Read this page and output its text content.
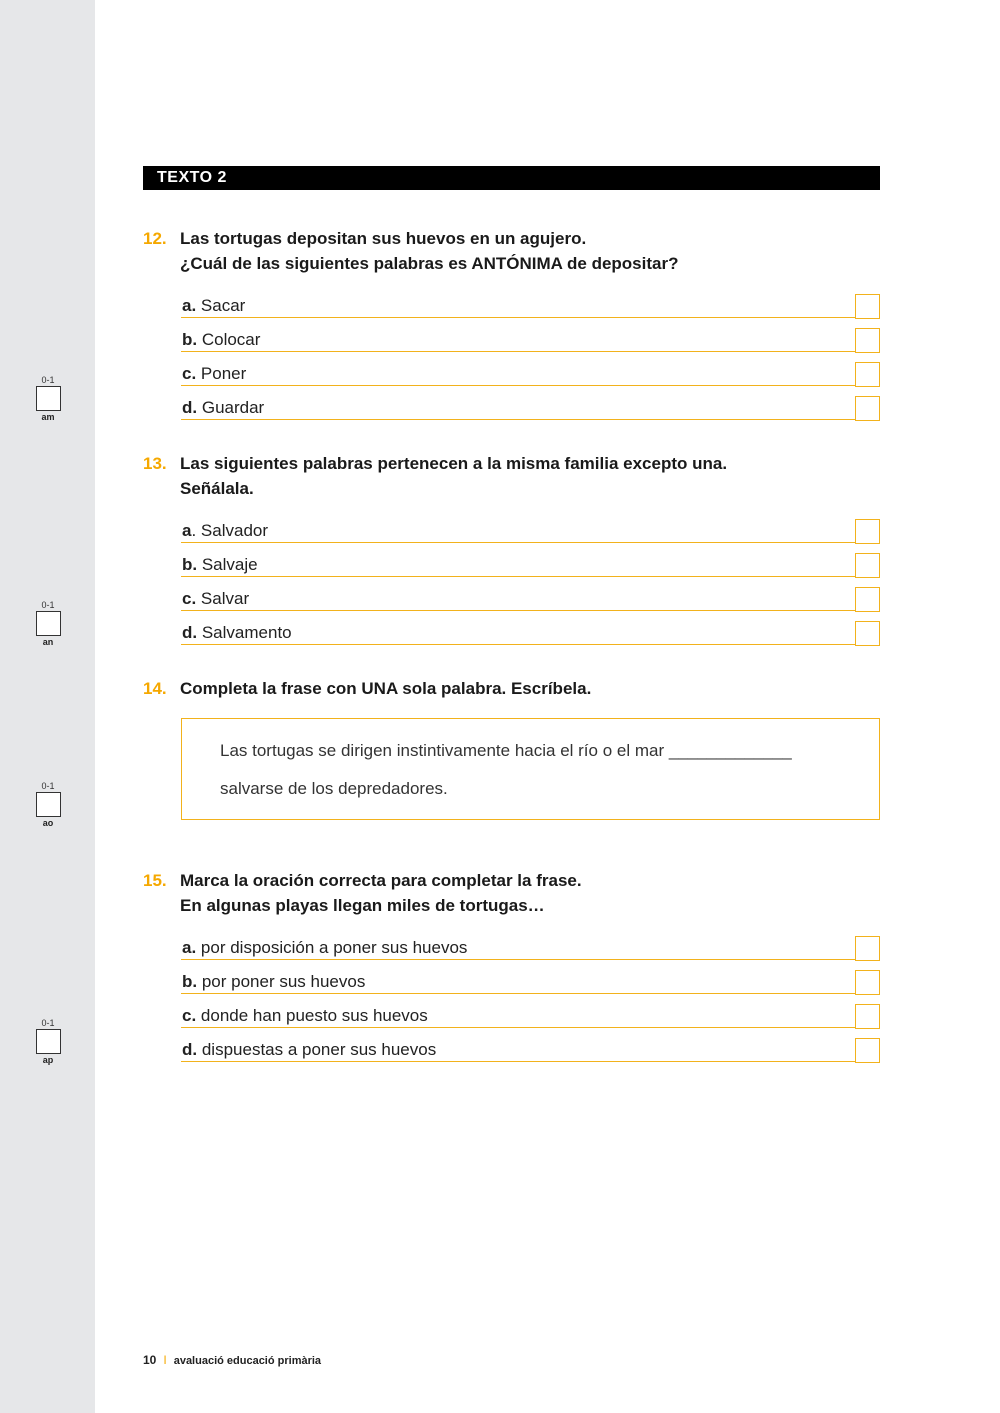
0-1
am
0-1
an
0-1
ao
0-1
ap
TEXTO 2
12. Las tortugas depositan sus huevos en un agujero.
¿Cuál de las siguientes palabras es ANTÓNIMA de depositar?
a. Sacar
b. Colocar
c. Poner
d. Guardar
13. Las siguientes palabras pertenecen a la misma familia excepto una.
Señálala.
a. Salvador
b. Salvaje
c. Salvar
d. Salvamento
14. Completa la frase con UNA sola palabra. Escríbela.
Las tortugas se dirigen instintivamente hacia el río o el mar _____________
salvarse de los depredadores.
15. Marca la oración correcta para completar la frase.
En algunas playas llegan miles de tortugas…
a. por disposición a poner sus huevos
b. por poner sus huevos
c. donde han puesto sus huevos
d. dispuestas a poner sus huevos
10 I avaluació educació primària
